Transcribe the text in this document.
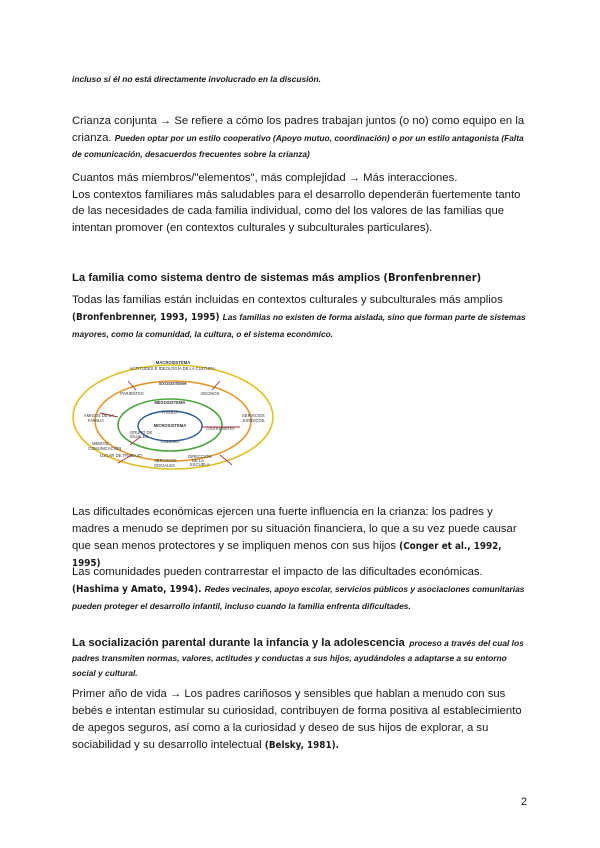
incluso si él no está directamente involucrado en la discusión.
Crianza conjunta → Se refiere a cómo los padres trabajan juntos (o no) como equipo en la crianza. Pueden optar por un estilo cooperativo (Apoyo mutuo, coordinación) o por un estilo antagonista (Falta de comunicación, desacuerdos frecuentes sobre la crianza)

Cuantos más miembros/"elementos", más complejidad → Más interacciones.

Los contextos familiares más saludables para el desarrollo dependerán fuertemente tanto de las necesidades de cada familia individual, como del los valores de las familias que intentan promover (en contextos culturales y subculturales particulares).

La familia como sistema dentro de sistemas más amplios (Bronfenbrenner)
Todas las familias están incluidas en contextos culturales y subculturales más amplios (Bronfenbrenner, 1993, 1995) Las familias no existen de forma aislada, sino que forman parte de sistemas mayores, como la comunidad, la cultura, o el sistema económico.
MACROSISTEMA
ACTITUDES E IDEOLOGÍA DE LA CULTURA.
EXOSISTEMA
PARIENTES	VECINOS
MESOSISTEMA
FAMILIA
MICROSISTEMA
AMIGOS DE LA
FAMILIA
MEDIOS
COMUNICACIÓN
LUGAR DE TRABAJO
SERVICIOS
SOCIALES
DIRECCIÓN
DE LA
ESCUELA
SERVICIOS
JURÍDICOS
COLEGIO
GRUPO DE
IGUALES
CONTRAPARTES
Las dificultades económicas ejercen una fuerte influencia en la crianza: los padres y madres a menudo se deprimen por su situación financiera, lo que a su vez puede causar que sean menos protectores y se impliquen menos con sus hijos (Conger et al., 1992, 1995)

Las comunidades pueden contrarrestar el impacto de las dificultades económicas.

(Hashima y Amato, 1994). Redes vecinales, apoyo escolar, servicios públicos y asociaciones comunitarias pueden proteger el desarrollo infantil, incluso cuando la familia enfrenta dificultades.
La socialización parental durante la infancia y la adolescencia proceso a través del cual los padres transmiten normas, valores, actitudes y conductas a sus hijos, ayudándoles a adaptarse a su entorno social y cultural.
Primer año de vida → Los padres cariñosos y sensibles que hablan a menudo con sus bebés e intentan estimular su curiosidad, contribuyen de forma positiva al establecimiento de apegos seguros, así como a la curiosidad y deseo de sus hijos de explorar, a su sociabilidad y su desarrollo intelectual (Belsky, 1981).
2
